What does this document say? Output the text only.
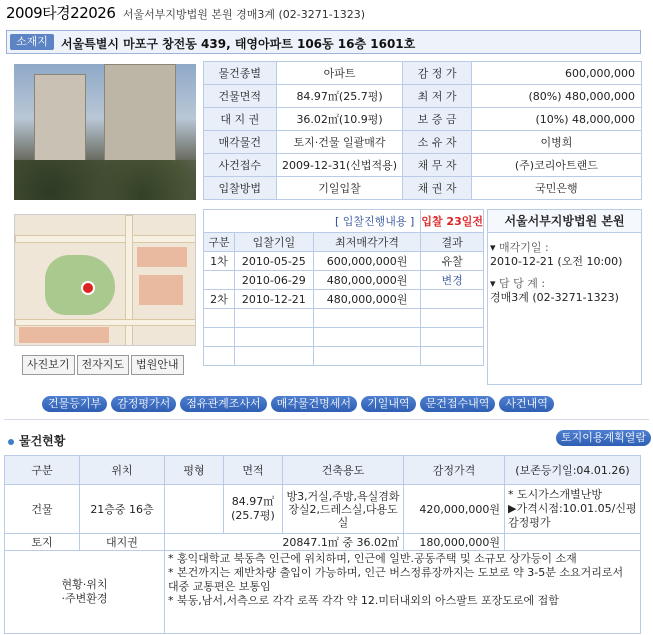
2009타경22026 서울서부지방법원 본원 경매3계 (02-3271-1323)
소재지	서울특별시 마포구 창전동 439, 태영아파트 106동 16층 1601호
사진보기	전자지도	법원안내
물건종별	아파트	감 정 가	600,000,000
건물면적	84.97㎡(25.7평)	최 저 가	(80%) 480,000,000
대 지 권	36.02㎡(10.9평)	보 증 금	(10%) 48,000,000
매각물건	토지·건물 일괄매각	소 유 자	이병희
사건접수	2009-12-31(신법적용)	채 무 자	(주)코리아트랜드
입찰방법	기일입찰	채 권 자	국민은행
[ 입찰진행내용 ]			입찰 23일전
구분	입찰기일	최저매각가격	결과
1차	2010-05-25	600,000,000원	유찰
	2010-06-29	480,000,000원	변경
2차	2010-12-21	480,000,000원	

서울서부지방법원 본원
▾ 매각기일 :
2010-12-21 (오전 10:00)
▾ 담 당 계 :
경매3계 (02-3271-1323)
건물등기부	감정평가서	점유관계조사서	매각물건명세서	기일내역	문건접수내역	사건내역
물건현황	토지이용계획열람
구분	위치	평형	면적	건축용도	감정가격	(보존등기일:04.01.26)
건물	21층중 16층		84.97㎡
(25.7평)	방3,거실,주방,욕실겸화장실2,드레스실,다용도실	420,000,000원	* 도시가스개별난방
▶가격시점:10.01.05/신평감정평가
토지	대지권	20847.1㎡ 중 36.02㎡			180,000,000원	
현황·위치
·주변환경		* 홍익대학교 북동측 인근에 위치하며, 인근에 일반.공동주택 및 소규모 상가등이 소재
* 본건까지는 제반차량 출입이 가능하며, 인근 버스정류장까지는 도보로 약 3-5분 소요거리로서 대중 교통편은 보통임
* 북동,남서,서측으로 각각 로폭 각각 약 12.미터내외의 아스팔트 포장도로에 접함				
